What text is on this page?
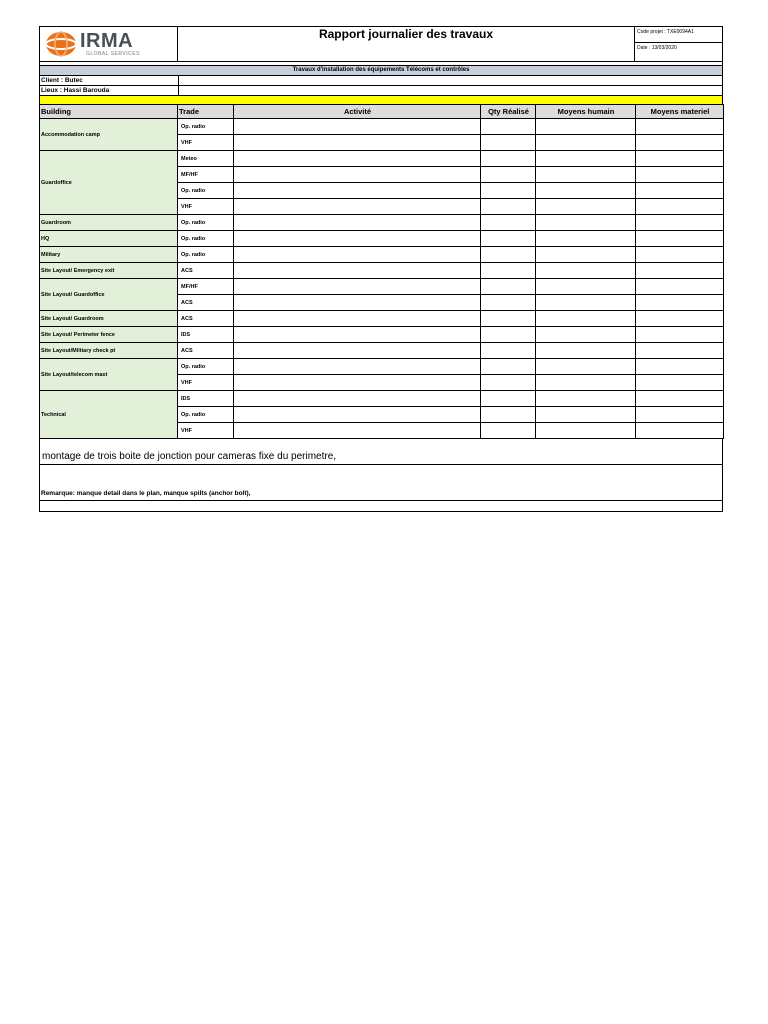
IRMA
GLOBAL SERVICES
Rapport journalier des travaux	Code projet : TXE0094A1
Date : 13/03/2020
Travaux d'installation des équipements Télécoms et contrôles
Client : Butec
Lieux : Hassi Barouda
Building	Trade	Activité	Qty Réalisé	Moyens humain	Moyens materiel
Accommodation camp	Op. radio				
	VHF				
Guardoffice	Meteo				
	MF/HF				
	Op. radio				
	VHF				
Guardroom	Op. radio				
HQ	Op. radio				
Military	Op. radio				
Site Layout/ Emergency exit	ACS				
Site Layout/ Guardoffice	MF/HF				
	ACS				
Site Layout/ Guardroom	ACS				
Site Layout/ Perimeter fence	IDS				
Site Layout/Military check pt	ACS				
Site Layout/telecom mast	Op. radio				
	VHF				
Technical	IDS				
	Op. radio				
	VHF				
montage de trois boite de jonction pour cameras fixe du perimetre,
Remarque: manque detail dans le plan, manque spilts (anchor bolt),
